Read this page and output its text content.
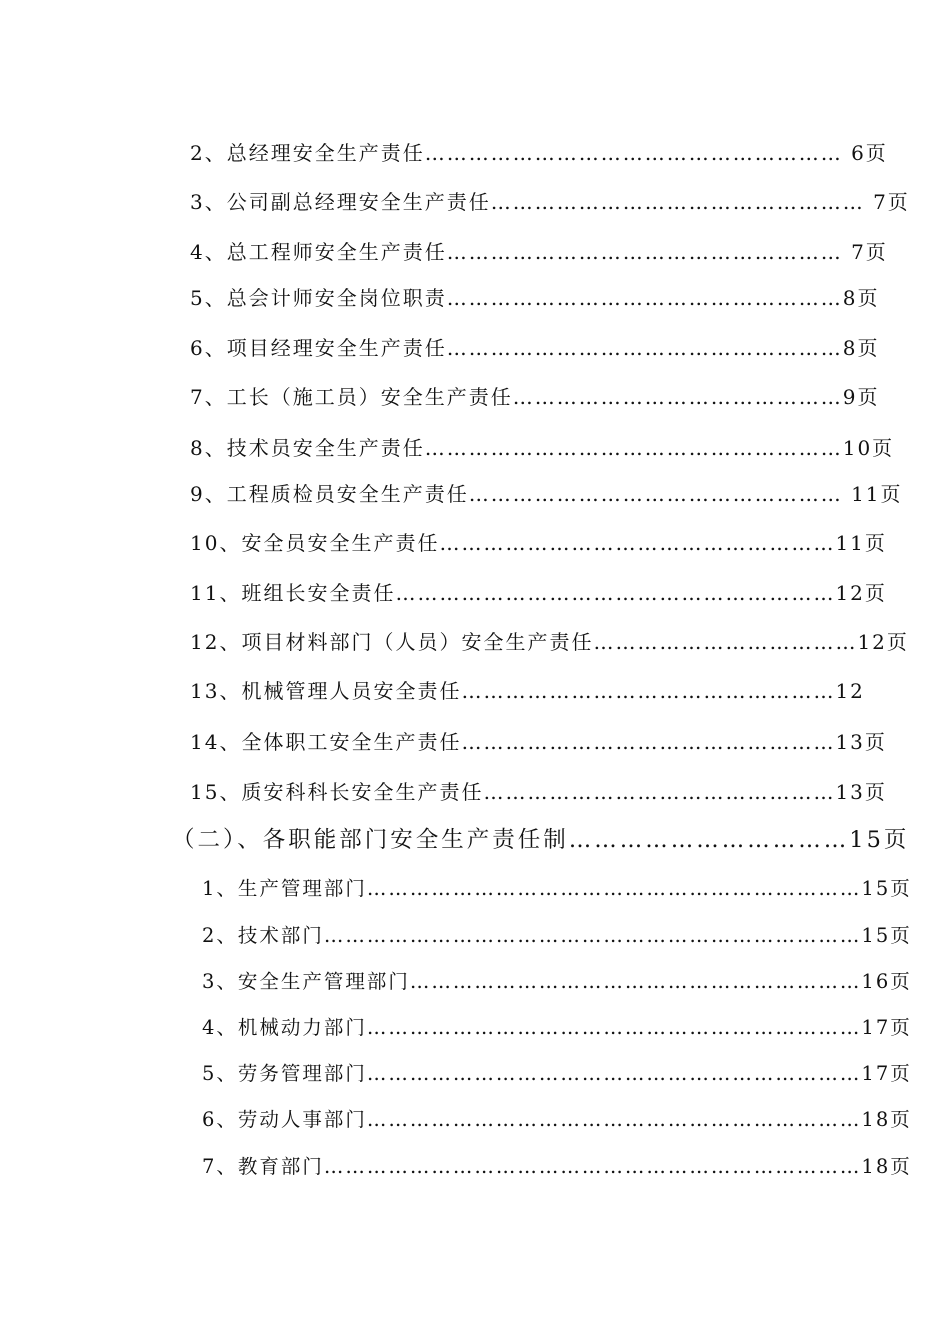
2、总经理安全生产责任………………………………………………… 6页
3、公司副总经理安全生产责任…………………………………………… 7页
4、总工程师安全生产责任……………………………………………… 7页
5、总会计师安全岗位职责………………………………………………8页
6、项目经理安全生产责任………………………………………………8页
7、工长（施工员）安全生产责任………………………………………9页
8、技术员安全生产责任…………………………………………………10页
9、工程质检员安全生产责任…………………………………………… 11页
10、安全员安全生产责任………………………………………………11页
11、班组长安全责任……………………………………………………12页
12、项目材料部门（人员）安全生产责任………………………………12页
13、机械管理人员安全责任……………………………………………12
14、全体职工安全生产责任……………………………………………13页
15、质安科科长安全生产责任…………………………………………13页
（二）、各职能部门安全生产责任制……………………………15页
1、生产管理部门……………………………………………………………15页
2、技术部门…………………………………………………………………15页
3、安全生产管理部门………………………………………………………16页
4、机械动力部门……………………………………………………………17页
5、劳务管理部门……………………………………………………………17页
6、劳动人事部门……………………………………………………………18页
7、教育部门…………………………………………………………………18页
